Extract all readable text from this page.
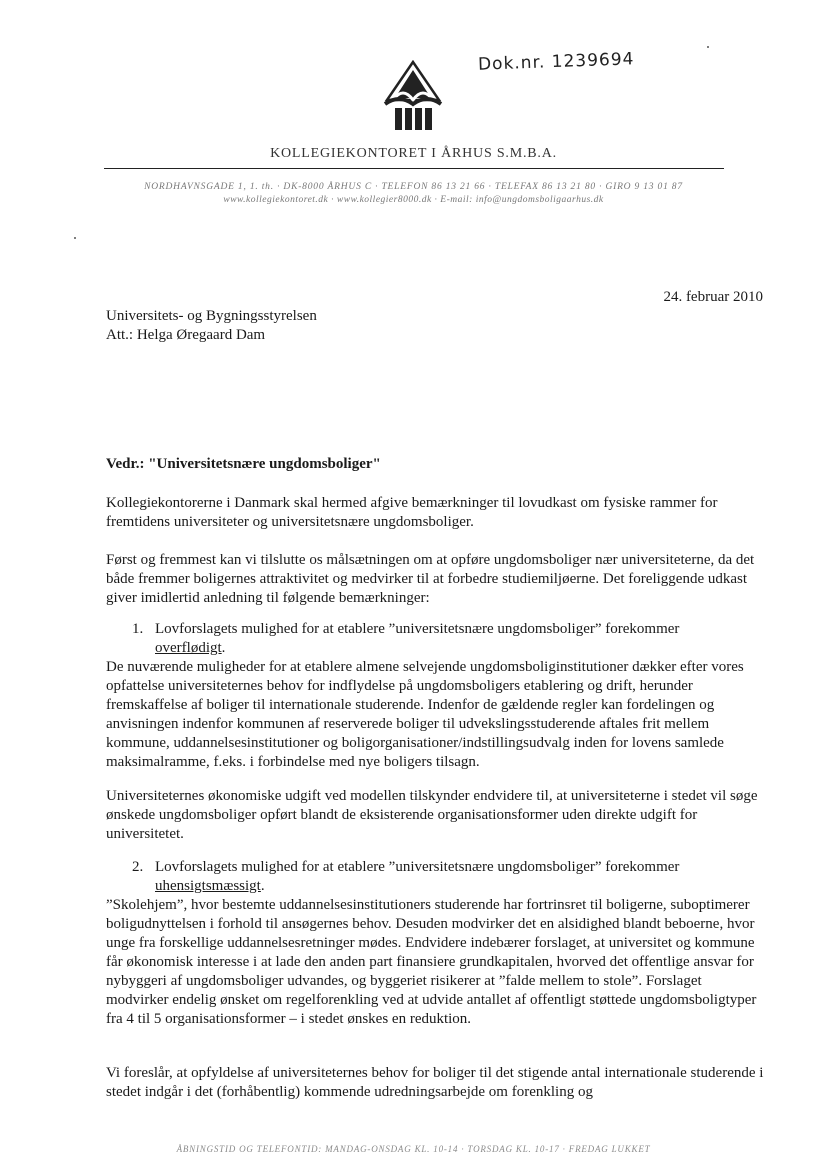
Dok.nr. 1239694
KOLLEGIEKONTORET I ÅRHUS S.M.B.A.
NORDHAVNSGADE 1, 1. th. · DK-8000 ÅRHUS C · TELEFON 86 13 21 66 · TELEFAX 86 13 21 80 · GIRO 9 13 01 87
www.kollegiekontoret.dk · www.kollegier8000.dk · E-mail: info@ungdomsboligaarhus.dk
24. februar 2010
Universitets- og Bygningsstyrelsen
Att.: Helga Øregaard Dam
Vedr.: "Universitetsnære ungdomsboliger"
Kollegiekontorerne i Danmark skal hermed afgive bemærkninger til lovudkast om fysiske rammer for fremtidens universiteter og universitetsnære ungdomsboliger.
Først og fremmest kan vi tilslutte os målsætningen om at opføre ungdomsboliger nær universiteterne, da det både fremmer boligernes attraktivitet og medvirker til at forbedre studiemiljøerne. Det foreliggende udkast giver imidlertid anledning til følgende bemærkninger:
1. Lovforslagets mulighed for at etablere ”universitetsnære ungdomsboliger” forekommer overflødigt.
De nuværende muligheder for at etablere almene selvejende ungdomsboliginstitutioner dækker efter vores opfattelse universiteternes behov for indflydelse på ungdomsboligers etablering og drift, herunder fremskaffelse af boliger til internationale studerende. Indenfor de gældende regler kan fordelingen og anvisningen indenfor kommunen af reserverede boliger til udvekslingsstuderende aftales frit mellem kommune, uddannelsesinstitutioner og boligorganisationer/indstillingsudvalg inden for lovens samlede maksimalramme, f.eks. i forbindelse med nye boligers tilsagn.
Universiteternes økonomiske udgift ved modellen tilskynder endvidere til, at universiteterne i stedet vil søge ønskede ungdomsboliger opført blandt de eksisterende organisationsformer uden direkte udgift for universitetet.
2. Lovforslagets mulighed for at etablere ”universitetsnære ungdomsboliger” forekommer uhensigtsmæssigt.
”Skolehjem”, hvor bestemte uddannelsesinstitutioners studerende har fortrinsret til boligerne, suboptimerer boligudnyttelsen i forhold til ansøgernes behov. Desuden modvirker det en alsidighed blandt beboerne, hvor unge fra forskellige uddannelsesretninger mødes. Endvidere indebærer forslaget, at universitet og kommune får økonomisk interesse i at lade den anden part finansiere grundkapitalen, hvorved det offentlige ansvar for nybyggeri af ungdomsboliger udvandes, og byggeriet risikerer at ”falde mellem to stole”. Forslaget modvirker endelig ønsket om regelforenkling ved at udvide antallet af offentligt støttede ungdomsboligtyper fra 4 til 5 organisationsformer – i stedet ønskes en reduktion.
Vi foreslår, at opfyldelse af universiteternes behov for boliger til det stigende antal internationale studerende i stedet indgår i det (forhåbentlig) kommende udredningsarbejde om forenkling og
ÅBNINGSTID OG TELEFONTID: MANDAG-ONSDAG KL. 10-14 · TORSDAG KL. 10-17 · FREDAG LUKKET
